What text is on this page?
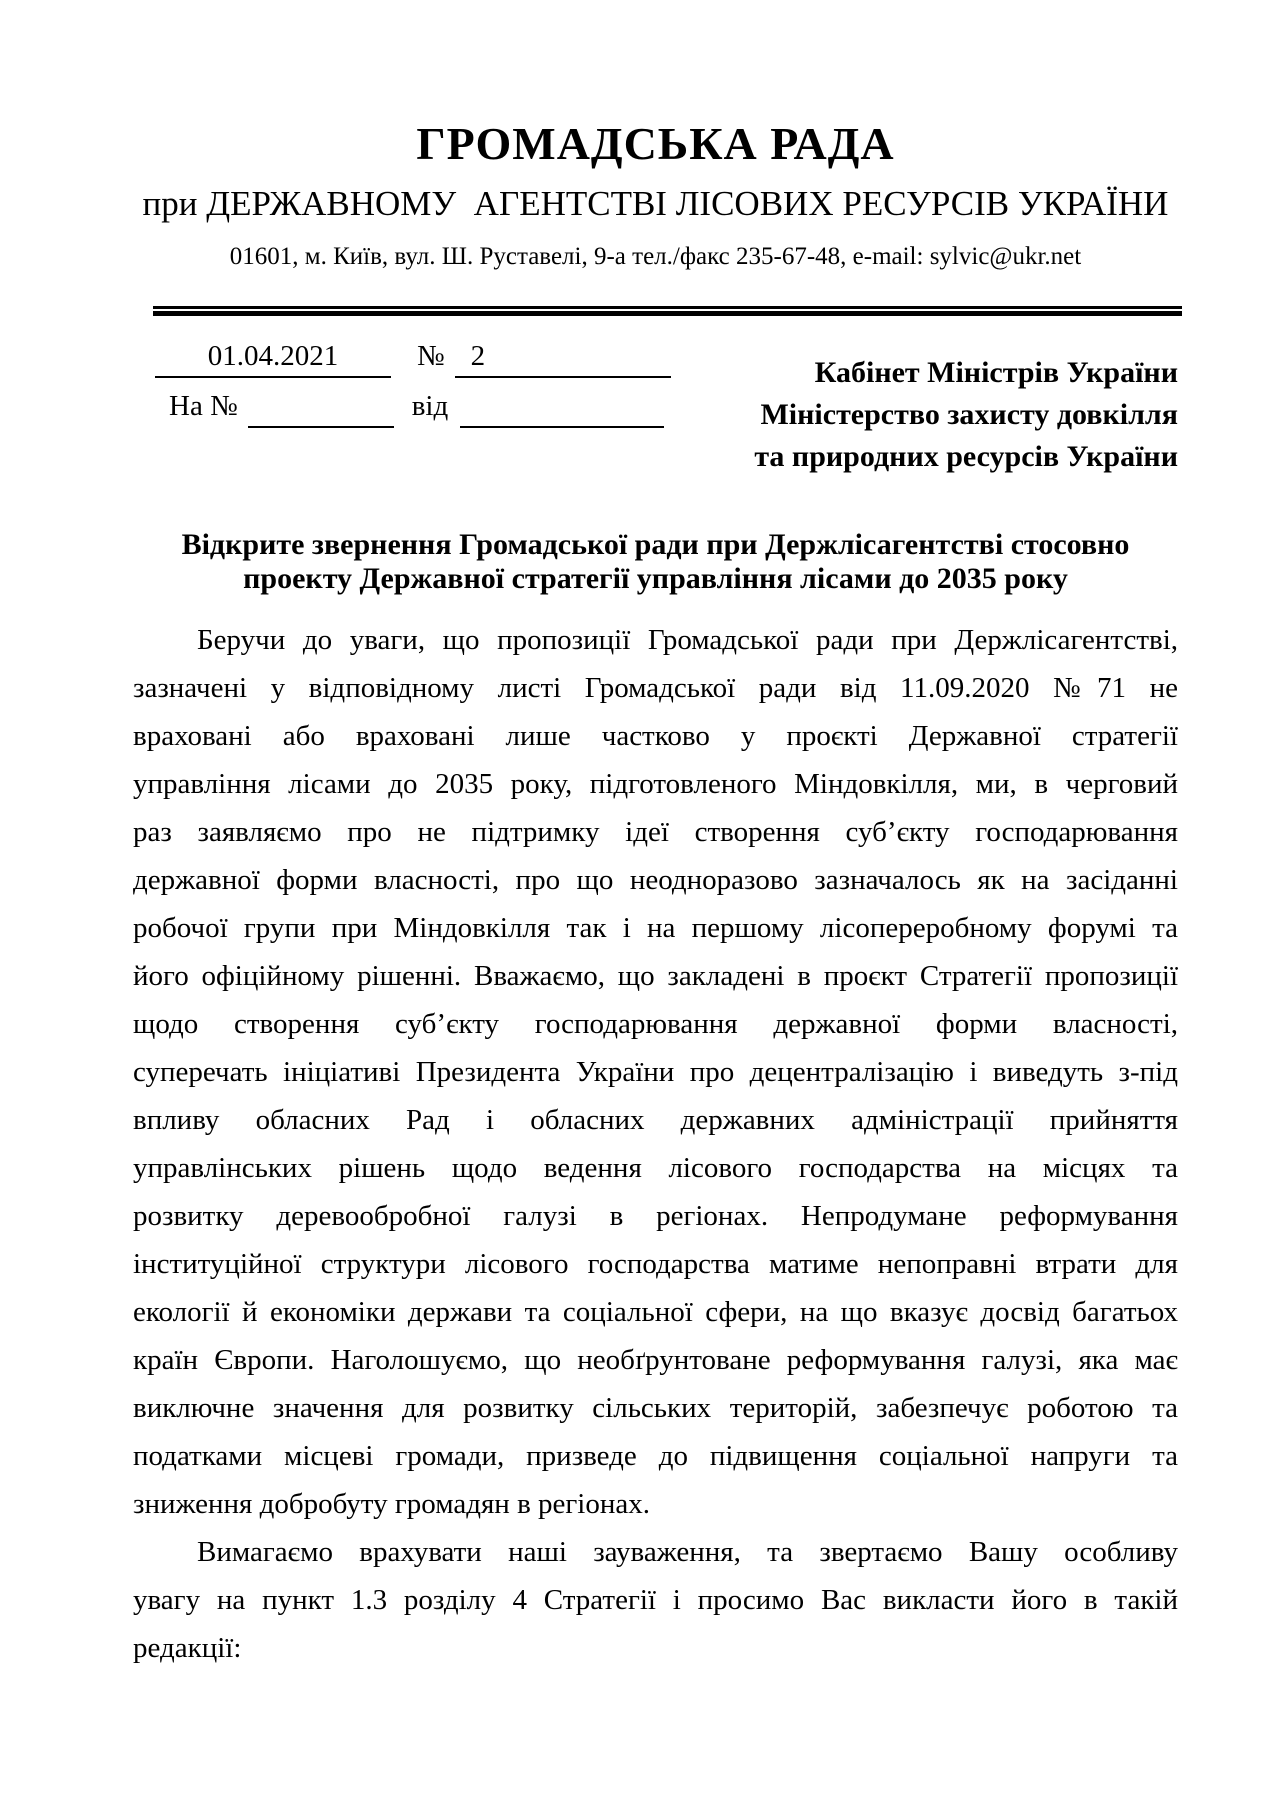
ГРОМАДСЬКА РАДА
при ДЕРЖАВНОМУ  АГЕНТСТВІ ЛІСОВИХ РЕСУРСІВ УКРАЇНИ
01601, м. Київ, вул. Ш. Руставелі, 9-а тел./факс 235-67-48, e-mail: sylvic@ukr.net
01.04.2021	№ 2
На №	від
Кабінет Міністрів України
Міністерство захисту довкілля
та природних ресурсів України
Відкрите звернення Громадської ради при Держлісагентстві стосовно
проекту Державної стратегії управління лісами до 2035 року
Беручи до уваги, що пропозиції Громадської ради при Держлісагентстві,
зазначені у відповідному листі Громадської ради від 11.09.2020 №71 не
враховані або враховані лише частково у проєкті Державної стратегії
управління лісами до 2035 року, підготовленого Міндовкілля, ми, в черговий
раз заявляємо про не підтримку ідеї створення суб’єкту господарювання
державної форми власності, про що неодноразово зазначалось як на засіданні
робочої групи при Міндовкілля так і на першому лісопереробному форумі та
його офіційному рішенні. Вважаємо, що закладені в проєкт Стратегії пропозиції
щодо створення суб’єкту господарювання державної форми власності,
суперечать ініціативі Президента України про децентралізацію і виведуть з-під
впливу обласних Рад і обласних державних адміністрації прийняття
управлінських рішень щодо ведення лісового господарства на місцях та
розвитку деревообробної галузі в регіонах. Непродумане реформування
інституційної структури лісового господарства матиме непоправні втрати для
екології й економіки держави та соціальної сфери, на що вказує досвід багатьох
країн Європи. Наголошуємо, що необґрунтоване реформування галузі, яка має
виключне значення для розвитку сільських територій, забезпечує роботою та
податками місцеві громади, призведе до підвищення соціальної напруги та
зниження добробуту громадян в регіонах.
Вимагаємо врахувати наші зауваження, та звертаємо Вашу особливу
увагу на пункт 1.3 розділу 4 Стратегії і просимо Вас викласти його в такій
редакції:
